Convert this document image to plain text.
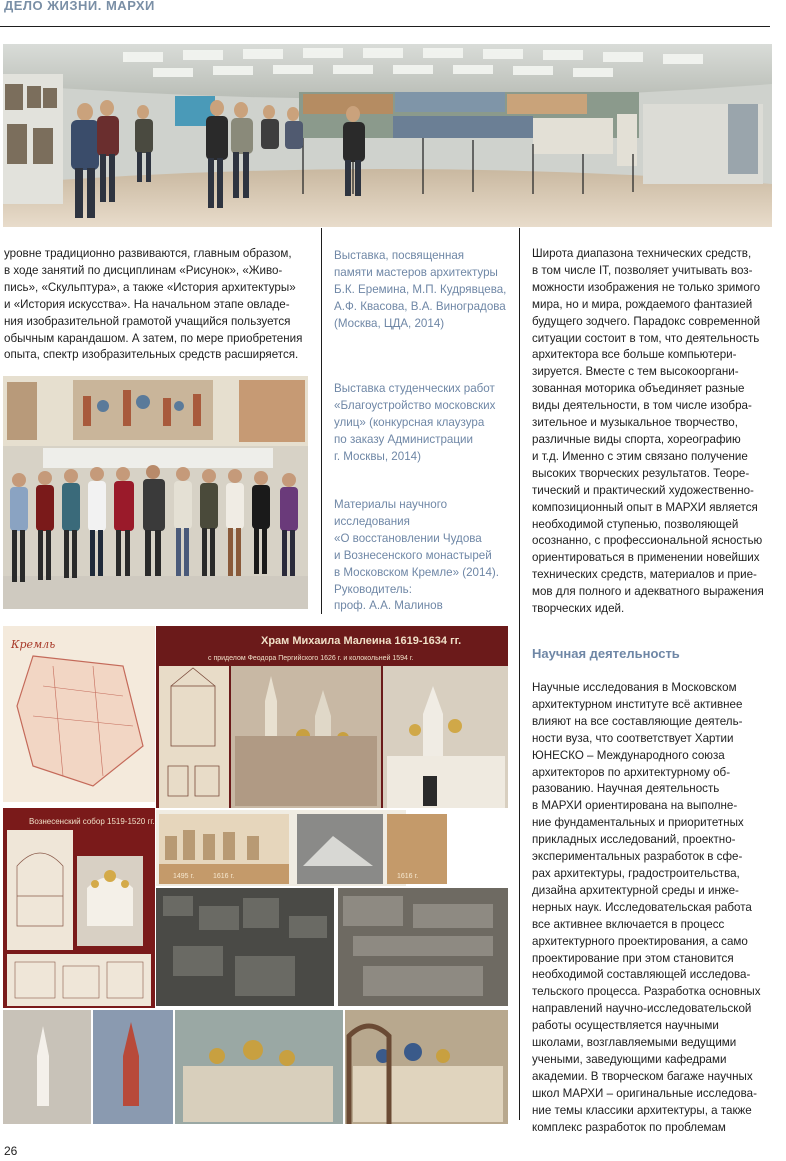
ДЕЛО ЖИЗНИ. МАРХИ

уровне традиционно развиваются, главным образом,

в ходе занятий по дисциплинам «Рисунок», «Живо-

пись», «Скульптура», а также «История архитектуры»

и «История искусства». На начальном этапе овладе-

ния изобразительной грамотой учащийся пользуется

обычным карандашом. А затем, по мере приобретения

опыта, спектр изобразительных средств расширяется.

Выставка, посвященная

памяти мастеров архитектуры

Б.К. Еремина, М.П. Кудрявцева,

А.Ф. Квасова, В.А. Виноградова

(Москва, ЦДА, 2014)

Выставка студенческих работ

«Благоустройство московских

улиц» (конкурсная клаузура

по заказу Администрации

г. Москвы, 2014)

Материалы научного

исследования

«О восстановлении Чудова

и Вознесенского монастырей

в Московском Кремле» (2014).

Руководитель:

проф. А.А. Малинов

Широта диапазона технических средств,

в том числе IT, позволяет учитывать воз-

можности изображения не только зримого

мира, но и мира, рождаемого фантазией

будущего зодчего. Парадокс современной

ситуации состоит в том, что деятельность

архитектора все больше компьютери-

зируется. Вместе с тем высокооргани-

зованная моторика объединяет разные

виды деятельности, в том числе изобра-

зительное и музыкальное творчество,

различные виды спорта, хореографию

и т.д. Именно с этим связано получение

высоких творческих результатов. Теоре-

тический и практический художественно-

композиционный опыт в МАРХИ является

необходимой ступенью, позволяющей

осознанно, с профессиональной ясностью

ориентироваться в применении новейших

технических средств, материалов и прие-

мов для полного и адекватного выражения

творческих идей.

Научная деятельность

Научные исследования в Московском

архитектурном институте всё активнее

влияют на все составляющие деятель-

ности вуза, что соответствует Хартии

ЮНЕСКО – Международного союза

архитекторов по архитектурному об-

разованию. Научная деятельность

в МАРХИ ориентирована на выполне-

ние фундаментальных и приоритетных

прикладных исследований, проектно-

экспериментальных разработок в сфе-

рах архитектуры, градостроительства,

дизайна архитектурной среды и инже-

нерных наук. Исследовательская работа

все активнее включается в процесс

архитектурного проектирования, а само

проектирование при этом становится

необходимой составляющей исследова-

тельского процесса. Разработка основных

направлений научно-исследовательской

работы осуществляется научными

школами, возглавляемыми ведущими

учеными, заведующими кафедрами

академии. В творческом багаже научных

школ МАРХИ – оригинальные исследова-

ние темы классики архитектуры, а также

комплекс разработок по проблемам

Кремль	Храм Михаила Малеина 1619-1634 гг.
с приделом Феодора Пергийского 1626 г. и колокольней 1594 г.
Вознесенский собор 1519-1520 гг.
1495 г.	1616 г.	1616 г.
26
